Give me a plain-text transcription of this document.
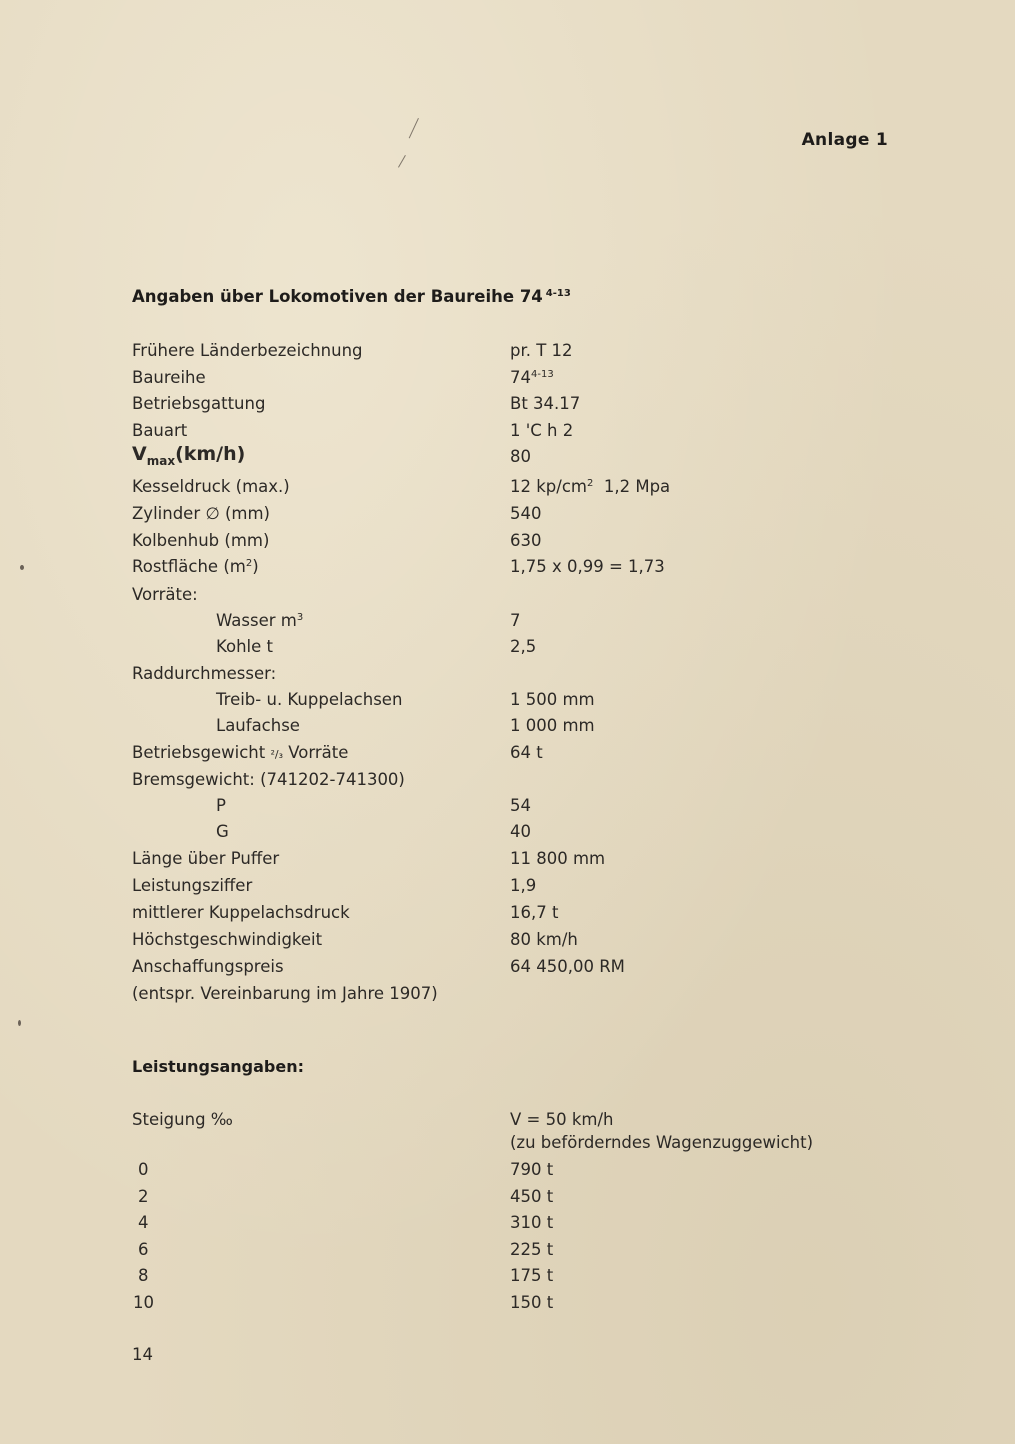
Anlage 1
Angaben über Lokomotiven der Baureihe 74 $^{4-13}$
Frühere Länderbezeichnung	pr. T 12
Baureihe	74$^{4-13}$
Betriebsgattung	Bt 34.17
Bauart	1 'C h 2
$V_{max}(km/h)$	80
Kesseldruck (max.)	12 $kp/cm^2$  1,2 Mpa
Zylinder ∅ (mm)	540
Kolbenhub (mm)	630
Rostfläche $(m^2)$	1,75 x 0,99 = 1,73
Vorräte:
Wasser $m^3$	7
Kohle t	2,5
Raddurchmesser:
Treib- u. Kuppelachsen	1 500 mm
Laufachse	1 000 mm
Betriebsgewicht ²/₃ Vorräte	64 t
Bremsgewicht: (741202-741300)
P	54
G	40
Länge über Puffer	11 800 mm
Leistungsziffer	1,9
mittlerer Kuppelachsdruck	16,7 t
Höchstgeschwindigkeit	80 km/h
Anschaffungspreis	64 450,00 RM
(entspr. Vereinbarung im Jahre 1907)
Leistungsangaben:
Steigung ‰	V = 50 km/h
(zu beförderndes Wagenzuggewicht)
0	790 t
2	450 t
4	310 t
6	225 t
8	175 t
10	150 t
14
